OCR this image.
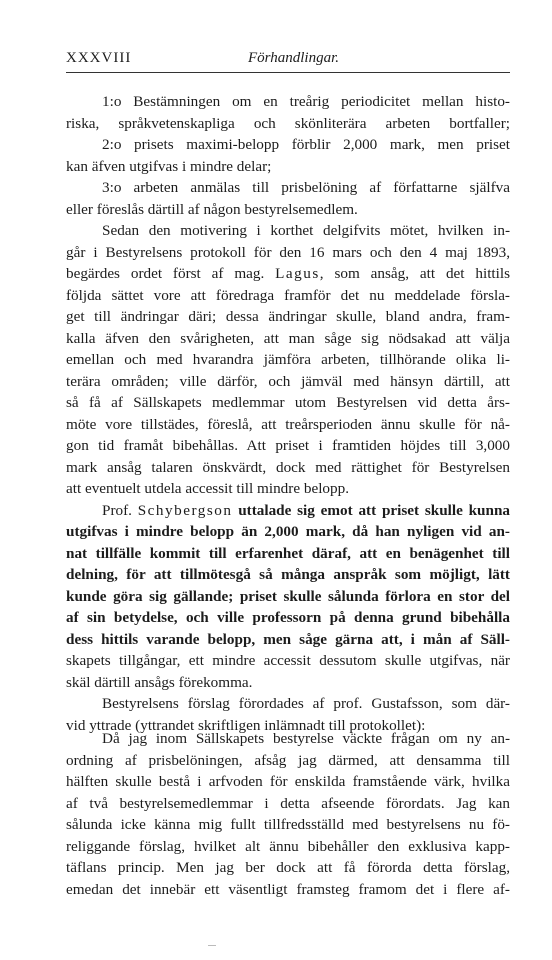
XXXVIII	Förhandlingar.
1:o Bestämningen om en treårig periodicitet mellan histo-
riska, språkvetenskapliga och skönliterära arbeten bortfaller;
2:o prisets maximi-belopp förblir 2,000 mark, men priset
kan äfven utgifvas i mindre delar;
3:o arbeten anmälas till prisbelöning af författarne själfva
eller föreslås därtill af någon bestyrelsemedlem.
Sedan den motivering i korthet delgifvits mötet, hvilken in-
går i Bestyrelsens protokoll för den 16 mars och den 4 maj 1893,
begärdes ordet först af mag. Lagus, som ansåg, att det hittils
följda sättet vore att föredraga framför det nu meddelade försla-
get till ändringar däri; dessa ändringar skulle, bland andra, fram-
kalla äfven den svårigheten, att man såge sig nödsakad att välja
emellan och med hvarandra jämföra arbeten, tillhörande olika li-
terära områden; ville därför, och jämväl med hänsyn därtill, att
så få af Sällskapets medlemmar utom Bestyrelsen vid detta års-
möte vore tillstädes, föreslå, att treårsperioden ännu skulle för nå-
gon tid framåt bibehållas. Att priset i framtiden höjdes till 3,000
mark ansåg talaren önskvärdt, dock med rättighet för Bestyrelsen
att eventuelt utdela accessit till mindre belopp.
Prof. Schybergson uttalade sig emot att priset skulle kunna
utgifvas i mindre belopp än 2,000 mark, då han nyligen vid an-
nat tillfälle kommit till erfarenhet däraf, att en benägenhet till
delning, för att tillmötesgå så många anspråk som möjligt, lätt
kunde göra sig gällande; priset skulle sålunda förlora en stor del
af sin betydelse, och ville professorn på denna grund bibehålla
dess hittils varande belopp, men såge gärna att, i mån af Säll-
skapets tillgångar, ett mindre accessit dessutom skulle utgifvas, när
skäl därtill ansågs förekomma.
Bestyrelsens förslag förordades af prof. Gustafsson, som där-
vid yttrade (yttrandet skriftligen inlämnadt till protokollet):
Då jag inom Sällskapets bestyrelse väckte frågan om ny an-
ordning af prisbelöningen, afsåg jag därmed, att densamma till
hälften skulle bestå i arfvoden för enskilda framstående värk, hvilka
af två bestyrelsemedlemmar i detta afseende förordats. Jag kan
sålunda icke känna mig fullt tillfredsställd med bestyrelsens nu fö-
religgande förslag, hvilket alt ännu bibehåller den exklusiva kapp-
täflans princip. Men jag ber dock att få förorda detta förslag,
emedan det innebär ett väsentligt framsteg framom det i flere af-
